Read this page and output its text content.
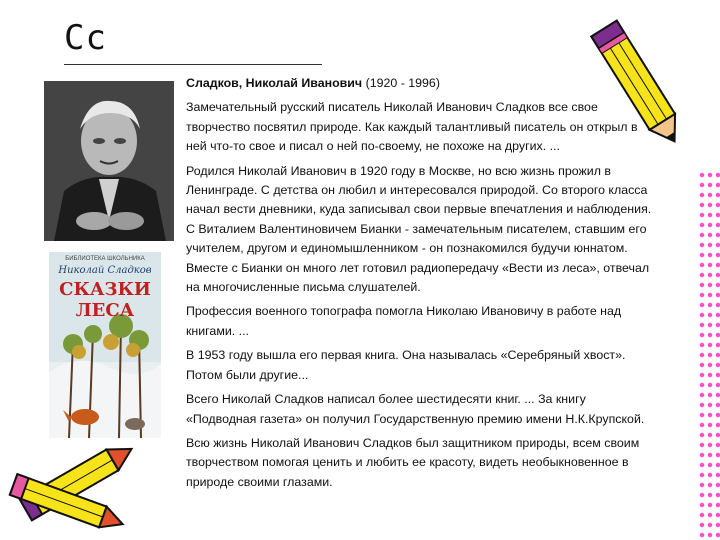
Сс
БИБЛИОТЕКА ШКОЛЬНИКА
Николай Сладков
СКАЗКИ
ЛЕСА

Сладков, Николай Иванович (1920 - 1996)

Замечательный русский писатель Николай Иванович Сладков все свое творчество посвятил природе. Как каждый талантливый писатель он открыл в ней что-то свое и писал о ней по-своему, не похоже на других. ...

Родился Николай Иванович в 1920 году в Москве, но всю жизнь прожил в Ленинграде. С детства он любил и интересовался природой. Со второго класса начал вести дневники, куда записывал свои первые впечатления и наблюдения. С Виталием Валентиновичем Бианки - замечательным писателем, ставшим его учителем, другом и единомышленником - он познакомился будучи юннатом. Вместе с Бианки он много лет готовил радиопередачу «Вести из леса», отвечал на многочисленные письма слушателей.

Профессия военного топографа помогла Николаю Ивановичу в работе над книгами. ...

В 1953 году вышла его первая книга. Она называлась «Серебряный хвост». Потом были другие...

Всего Николай Сладков написал более шестидесяти книг. ... За книгу «Подводная газета» он получил Государственную премию имени Н.К.Крупской.

Всю жизнь Николай Иванович Сладков был защитником природы, всем своим творчеством помогая ценить и любить ее красоту, видеть необыкновенное в природе своими глазами.
